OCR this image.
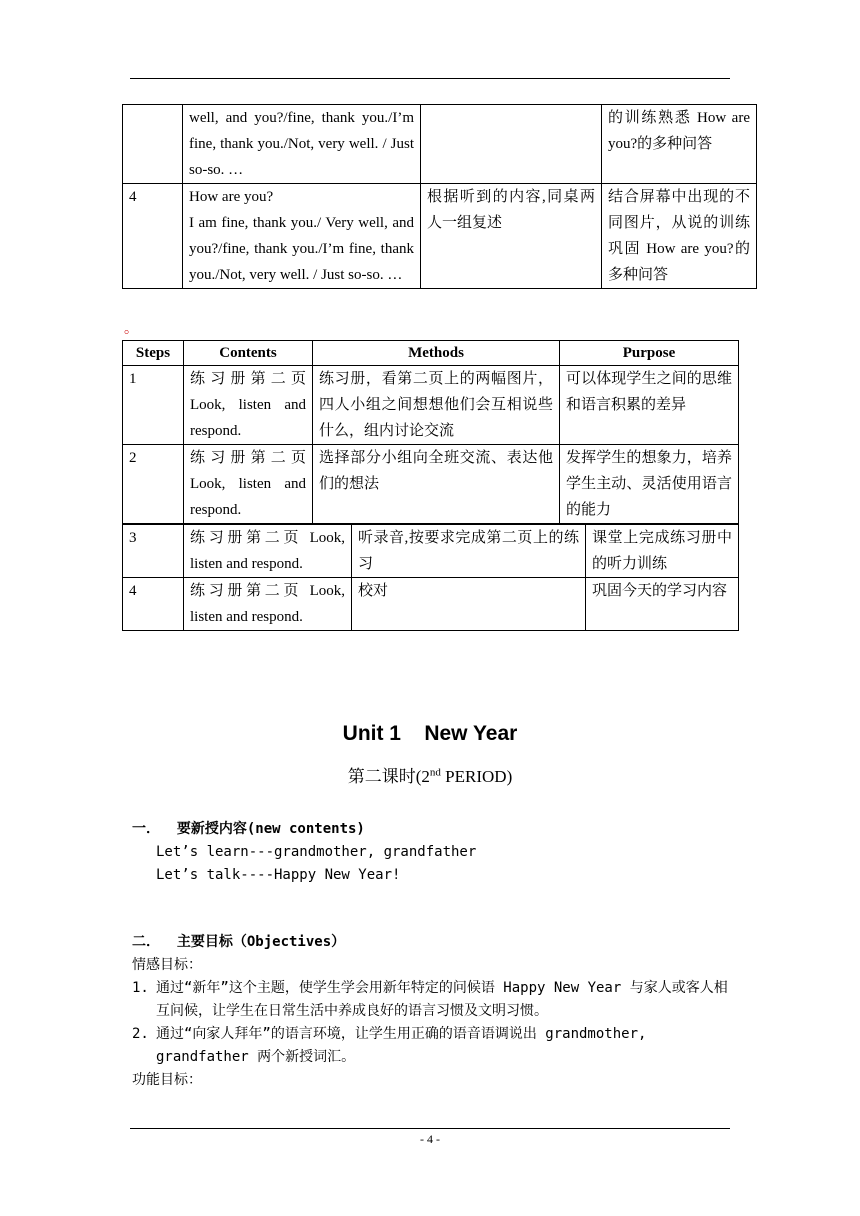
	well, and you?/fine, thank you./I’m fine, thank you./Not, very well. / Just so-so. …		的训练熟悉 How are you?的多种问答
4	How are you?
I am fine, thank you./ Very well, and you?/fine, thank you./I’m fine, thank you./Not, very well. / Just so-so. …	根据听到的内容,同桌两人一组复述	结合屏幕中出现的不同图片，从说的训练巩固 How are you?的多种问答
。
Steps	Contents	Methods	Purpose
1	练习册第二页 Look, listen and respond.	练习册，看第二页上的两幅图片，四人小组之间想想他们会互相说些什么，组内讨论交流	可以体现学生之间的思维和语言积累的差异
2	练习册第二页 Look, listen and respond.	选择部分小组向全班交流、表达他们的想法	发挥学生的想象力，培养学生主动、灵活使用语言的能力
3	练习册第二页 Look, listen and respond.	听录音,按要求完成第二页上的练习	课堂上完成练习册中的听力训练
4	练习册第二页 Look, listen and respond.	校对	巩固今天的学习内容
Unit 1    New Year
第二课时(2nd PERIOD)
一．  要新授内容(new contents)
Let’s learn---grandmother, grandfather
Let’s talk----Happy New Year!
二．  主要目标（Objectives）
情感目标：
1. 通过“新年”这个主题，使学生学会用新年特定的问候语 Happy New Year 与家人或客人相互问候，让学生在日常生活中养成良好的语言习惯及文明习惯。
2. 通过“向家人拜年”的语言环境，让学生用正确的语音语调说出 grandmother, grandfather 两个新授词汇。
功能目标：
- 4 -
